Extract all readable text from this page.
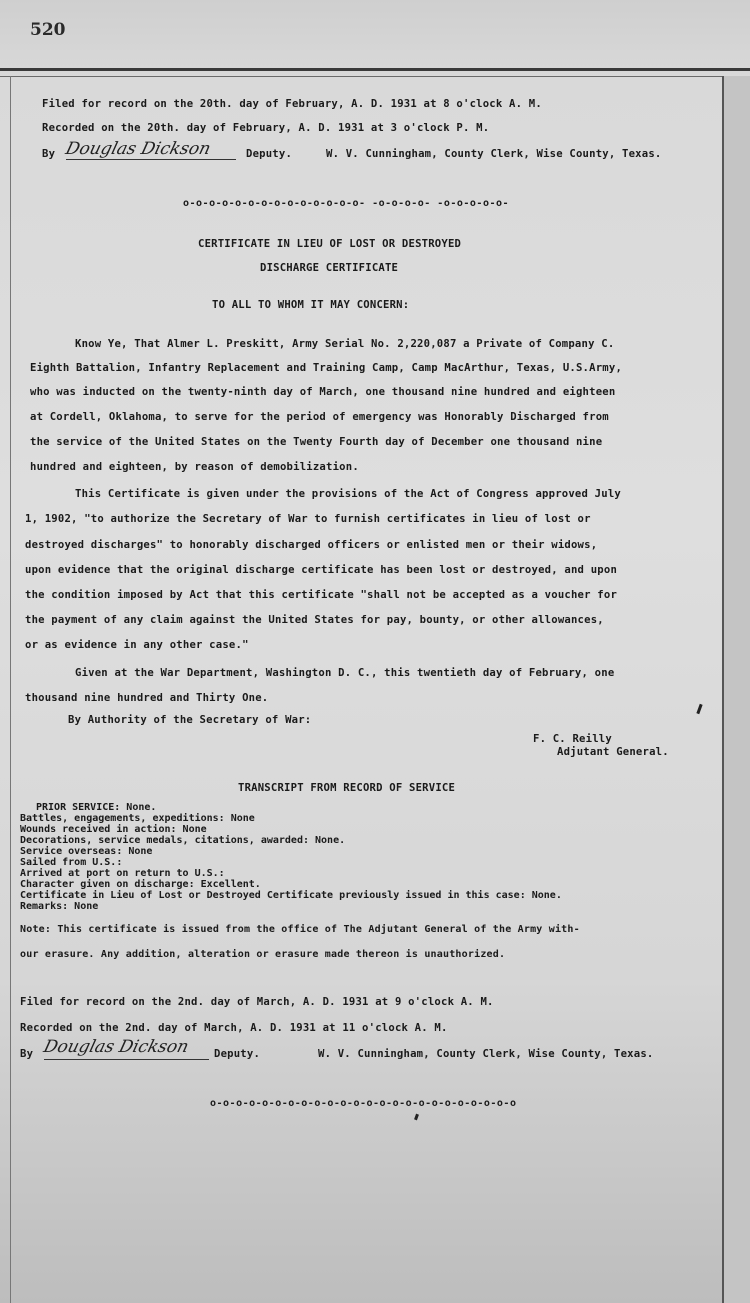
520
Filed for record on the 20th. day of February, A. D. 1931 at 8 o'clock A. M.
Recorded on the 20th. day of February, A. D. 1931 at 3 o'clock P. M.
By Douglas Dickson	Deputy.	W. V. Cunningham, County Clerk, Wise County, Texas.
o-o-o-o-o-o-o-o-o-o-o-o-o-o- -o-o-o-o- -o-o-o-o-o-
CERTIFICATE IN LIEU OF LOST OR DESTROYED
DISCHARGE CERTIFICATE
TO ALL TO WHOM IT MAY CONCERN:
Know Ye, That Almer L. Preskitt, Army Serial No. 2,220,087 a Private of Company C.
Eighth Battalion, Infantry Replacement and Training Camp, Camp MacArthur, Texas, U.S.Army,
who was inducted on the twenty-ninth day of March, one thousand nine hundred and eighteen
at Cordell, Oklahoma, to serve for the period of emergency was Honorably Discharged from
the service of the United States on the Twenty Fourth day of December one thousand nine
hundred and eighteen, by reason of demobilization.
This Certificate is given under the provisions of the Act of Congress approved July
1, 1902, "to authorize the Secretary of War to furnish certificates in lieu of lost or
destroyed discharges" to honorably discharged officers or enlisted men or their widows,
upon evidence that the original discharge certificate has been lost or destroyed, and upon
the condition imposed by Act that this certificate "shall not be accepted as a voucher for
the payment of any claim against the United States for pay, bounty, or other allowances,
or as evidence in any other case."
Given at the War Department, Washington D. C., this twentieth day of February, one
thousand nine hundred and Thirty One.
By Authority of the Secretary of War:
F. C. Reilly
Adjutant General.
TRANSCRIPT FROM RECORD OF SERVICE
PRIOR SERVICE: None.
Battles, engagements, expeditions: None
Wounds received in action: None
Decorations, service medals, citations, awarded: None.
Service overseas: None
Sailed from U.S.:
Arrived at port on return to U.S.:
Character given on discharge: Excellent.
Certificate in Lieu of Lost or Destroyed Certificate previously issued in this case: None.
Remarks: None
Note: This certificate is issued from the office of The Adjutant General of the Army with-
our erasure. Any addition, alteration or erasure made thereon is unauthorized.
Filed for record on the 2nd. day of March, A. D. 1931 at 9 o'clock A. M.
Recorded on the 2nd. day of March, A. D. 1931 at 11 o'clock A. M.
By Douglas Dickson Deputy.	W. V. Cunningham, County Clerk, Wise County, Texas.
o-o-o-o-o-o-o-o-o-o-o-o-o-o-o-o-o-o-o-o-o-o-o-o
